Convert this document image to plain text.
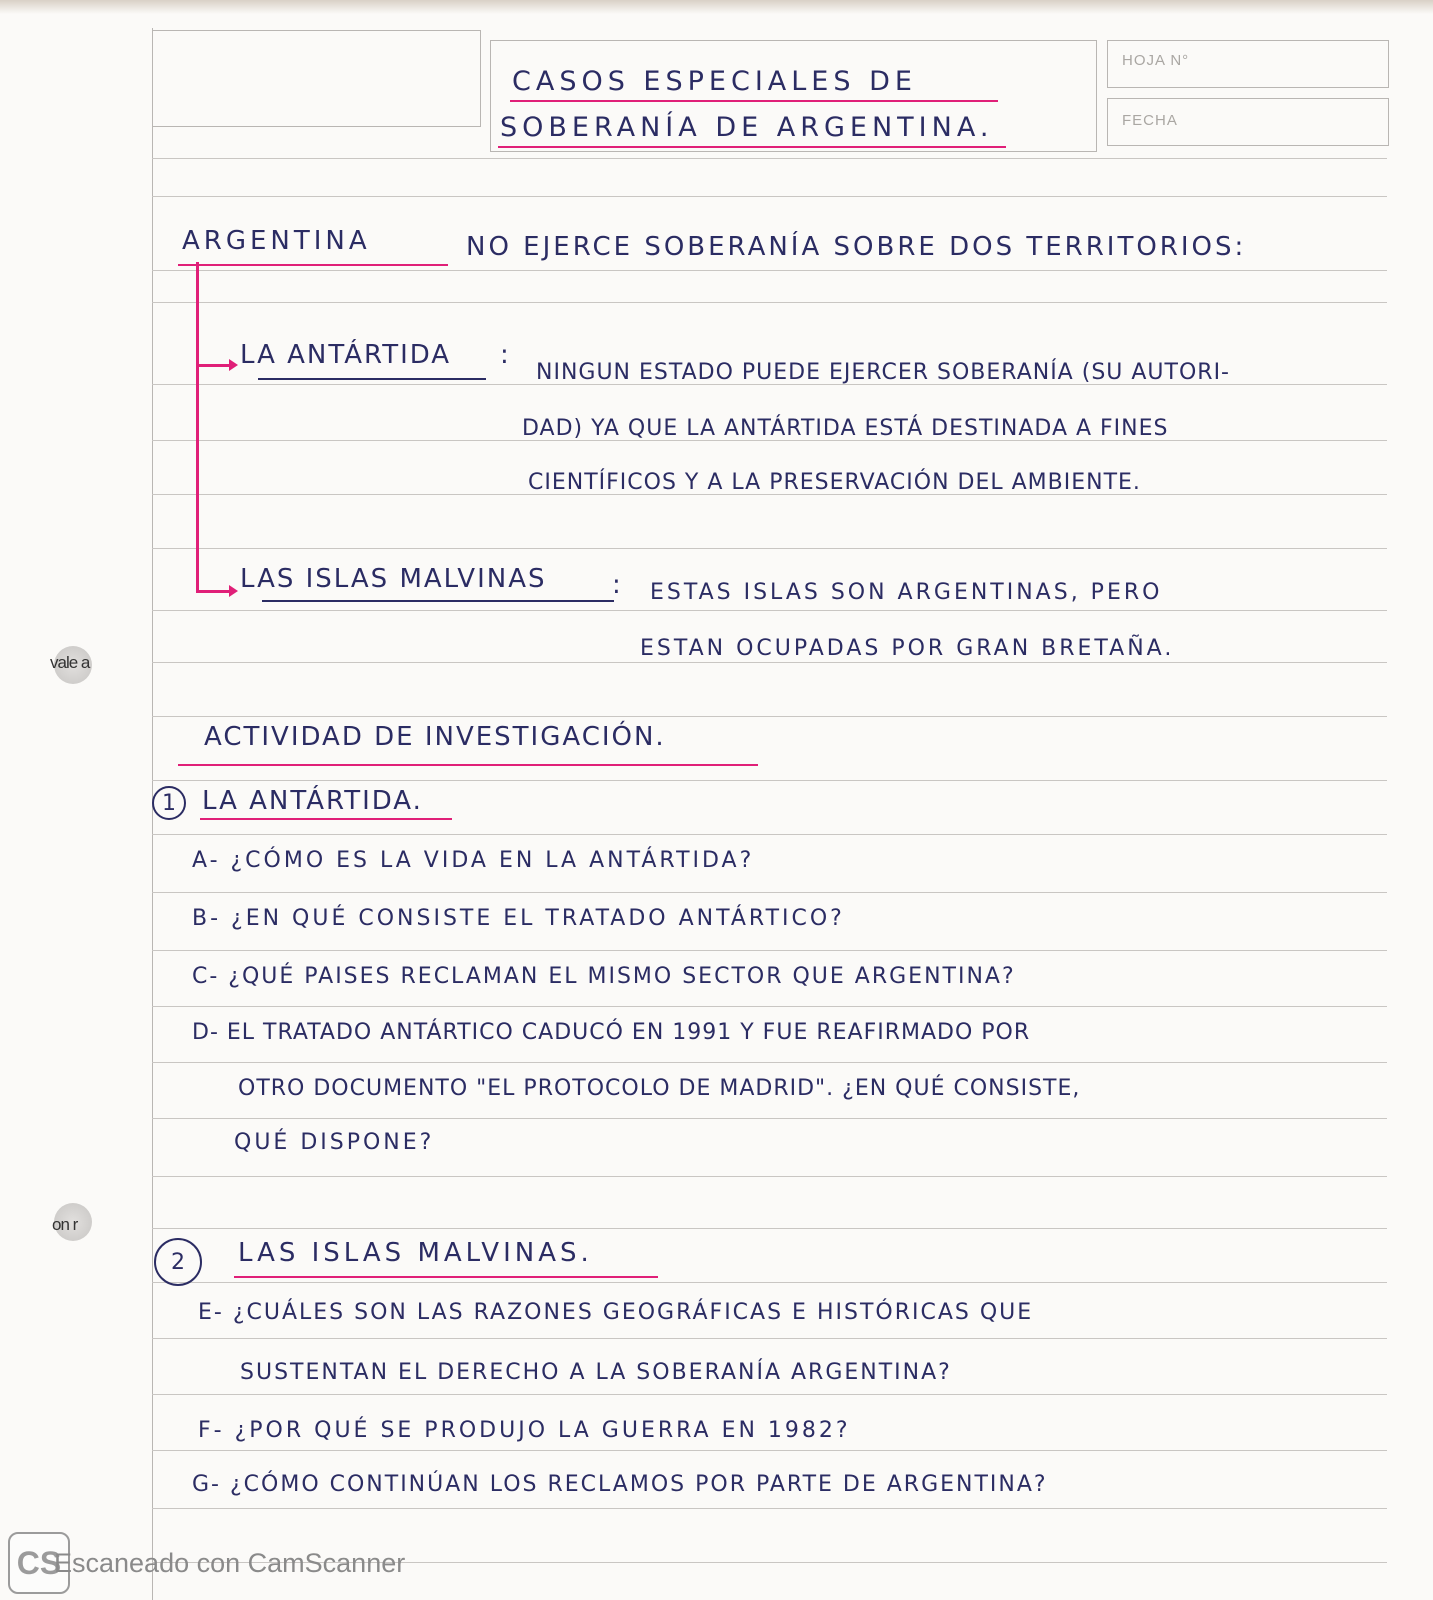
vale a
on r
HOJA N°
FECHA
CASOS ESPECIALES DE
SOBERANÍA DE ARGENTINA.
ARGENTINA	NO EJERCE SOBERANÍA SOBRE DOS TERRITORIOS:
LA ANTÁRTIDA :
NINGUN ESTADO PUEDE EJERCER SOBERANÍA (SU AUTORI-
DAD) YA QUE LA ANTÁRTIDA ESTÁ DESTINADA A FINES
CIENTÍFICOS Y A LA PRESERVACIÓN DEL AMBIENTE.
LAS ISLAS MALVINAS	: ESTAS ISLAS SON ARGENTINAS, PERO
ESTAN OCUPADAS POR GRAN BRETAÑA.
ACTIVIDAD DE INVESTIGACIÓN.
1	LA ANTÁRTIDA.
A- ¿CÓMO ES LA VIDA EN LA ANTÁRTIDA?
B- ¿EN QUÉ CONSISTE EL TRATADO ANTÁRTICO?
C- ¿QUÉ PAISES RECLAMAN EL MISMO SECTOR QUE ARGENTINA?
D- EL TRATADO ANTÁRTICO CADUCÓ EN 1991 Y FUE REAFIRMADO POR
OTRO DOCUMENTO "EL PROTOCOLO DE MADRID". ¿EN QUÉ CONSISTE,
QUÉ DISPONE?
2	LAS ISLAS MALVINAS.
E- ¿CUÁLES SON LAS RAZONES GEOGRÁFICAS E HISTÓRICAS QUE
SUSTENTAN EL DERECHO A LA SOBERANÍA ARGENTINA?
F- ¿POR QUÉ SE PRODUJO LA GUERRA EN 1982?
G- ¿CÓMO CONTINÚAN LOS RECLAMOS POR PARTE DE ARGENTINA?
CS
Escaneado con CamScanner
